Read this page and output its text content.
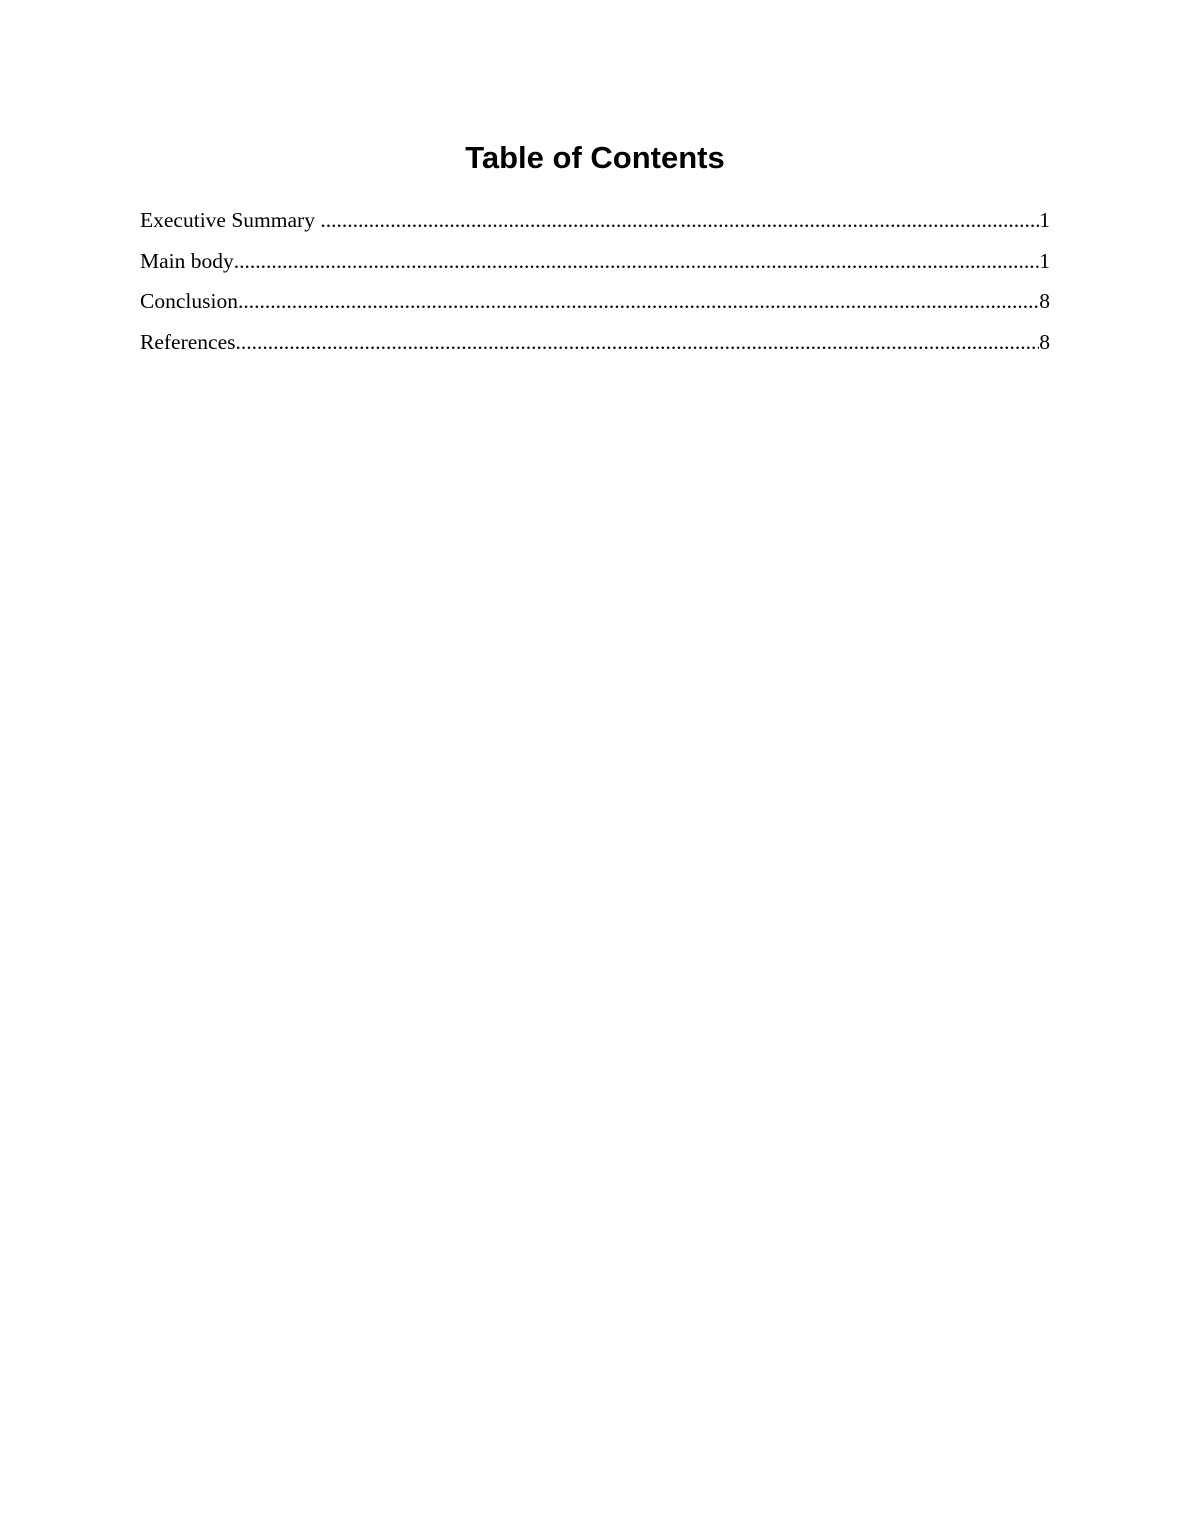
Table of Contents
Executive Summary .....	1
Main body .....	1
Conclusion .....	8
References .....	8
